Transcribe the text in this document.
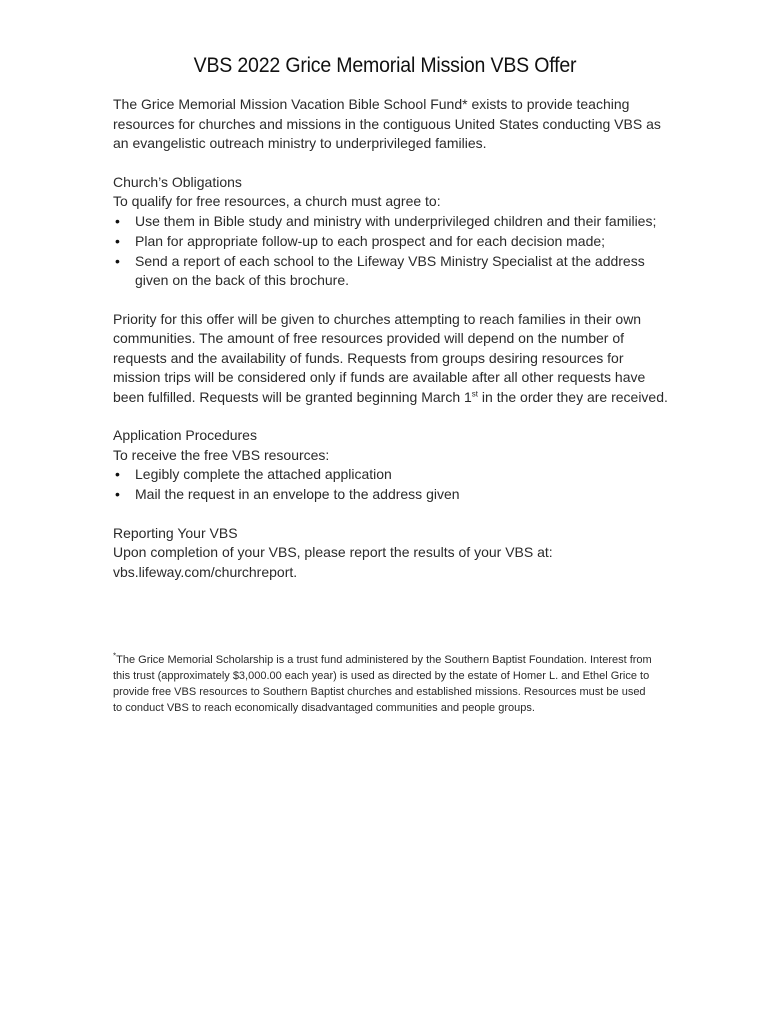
VBS 2022 Grice Memorial Mission VBS Offer

The Grice Memorial Mission Vacation Bible School Fund* exists to provide teaching resources for churches and missions in the contiguous United States conducting VBS as an evangelistic outreach ministry to underprivileged families.

Church’s Obligations

To qualify for free resources, a church must agree to:

• Use them in Bible study and ministry with underprivileged children and their families;
• Plan for appropriate follow-up to each prospect and for each decision made;
• Send a report of each school to the Lifeway VBS Ministry Specialist at the address given on the back of this brochure.

Priority for this offer will be given to churches attempting to reach families in their own communities. The amount of free resources provided will depend on the number of requests and the availability of funds. Requests from groups desiring resources for mission trips will be considered only if funds are available after all other requests have been fulfilled. Requests will be granted beginning March 1st in the order they are received.

Application Procedures

To receive the free VBS resources:

• Legibly complete the attached application
• Mail the request in an envelope to the address given

Reporting Your VBS

Upon completion of your VBS, please report the results of your VBS at:

vbs.lifeway.com/churchreport.

*The Grice Memorial Scholarship is a trust fund administered by the Southern Baptist Foundation. Interest from this trust (approximately $3,000.00 each year) is used as directed by the estate of Homer L. and Ethel Grice to provide free VBS resources to Southern Baptist churches and established missions. Resources must be used to conduct VBS to reach economically disadvantaged communities and people groups.
